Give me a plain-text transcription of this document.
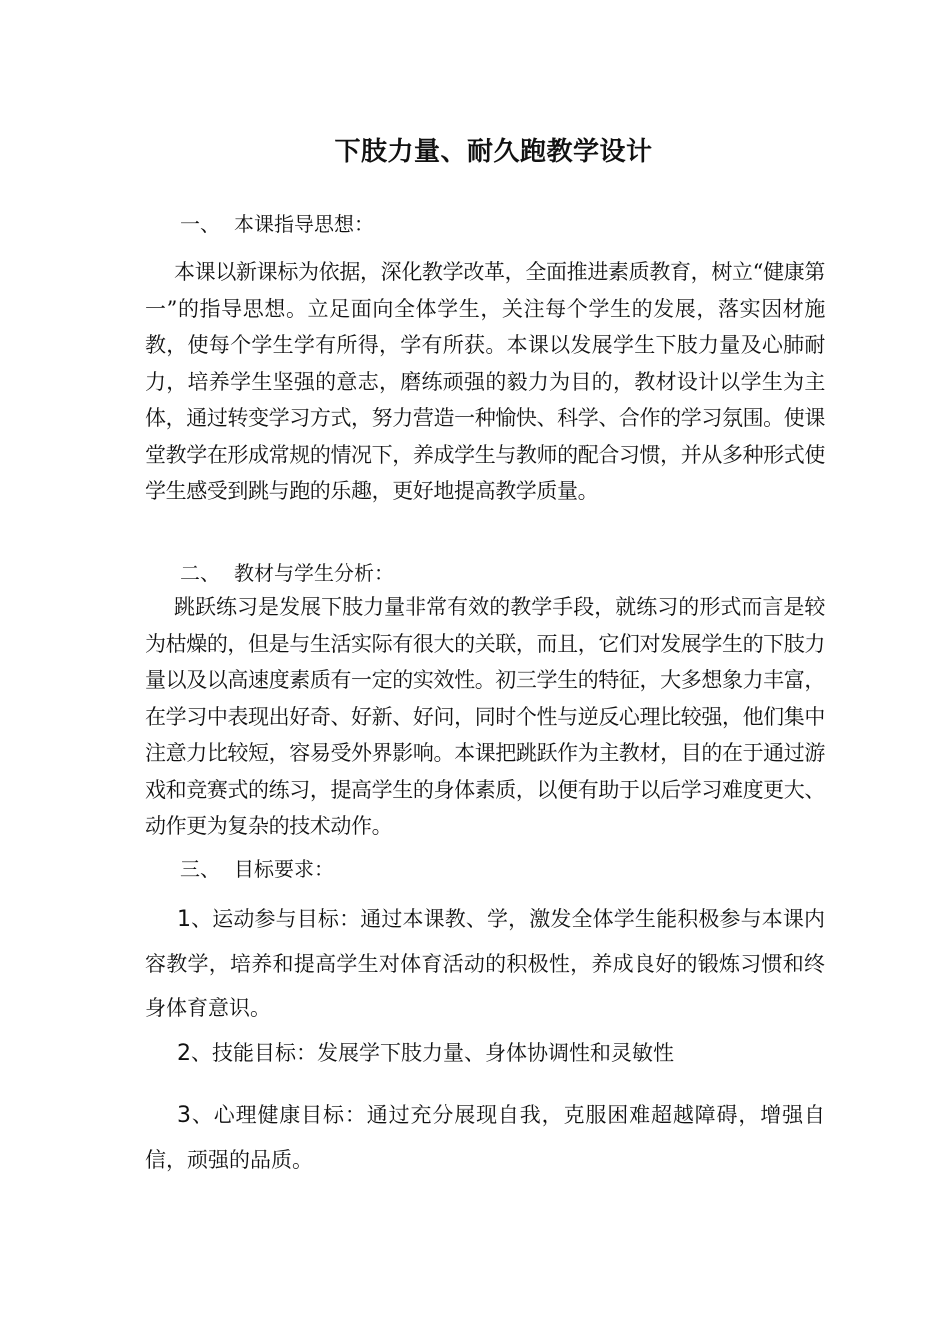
下肢力量、耐久跑教学设计
一、 本课指导思想：

本课以新课标为依据，深化教学改革，全面推进素质教育，树立“健康第一”的指导思想。立足面向全体学生，关注每个学生的发展，落实因材施教，使每个学生学有所得，学有所获。本课以发展学生下肢力量及心肺耐力，培养学生坚强的意志，磨练顽强的毅力为目的，教材设计以学生为主体，通过转变学习方式，努力营造一种愉快、科学、合作的学习氛围。使课堂教学在形成常规的情况下，养成学生与教师的配合习惯，并从多种形式使学生感受到跳与跑的乐趣，更好地提高教学质量。

二、 教材与学生分析：

跳跃练习是发展下肢力量非常有效的教学手段，就练习的形式而言是较为枯燥的，但是与生活实际有很大的关联，而且，它们对发展学生的下肢力量以及以高速度素质有一定的实效性。初三学生的特征，大多想象力丰富，在学习中表现出好奇、好新、好问，同时个性与逆反心理比较强，他们集中注意力比较短，容易受外界影响。本课把跳跃作为主教材，目的在于通过游戏和竞赛式的练习，提高学生的身体素质，以便有助于以后学习难度更大、动作更为复杂的技术动作。

三、 目标要求：

1、运动参与目标：通过本课教、学，激发全体学生能积极参与本课内容教学，培养和提高学生对体育活动的积极性，养成良好的锻炼习惯和终身体育意识。

2、技能目标：发展学下肢力量、身体协调性和灵敏性

3、心理健康目标：通过充分展现自我，克服困难超越障碍，增强自信，顽强的品质。
